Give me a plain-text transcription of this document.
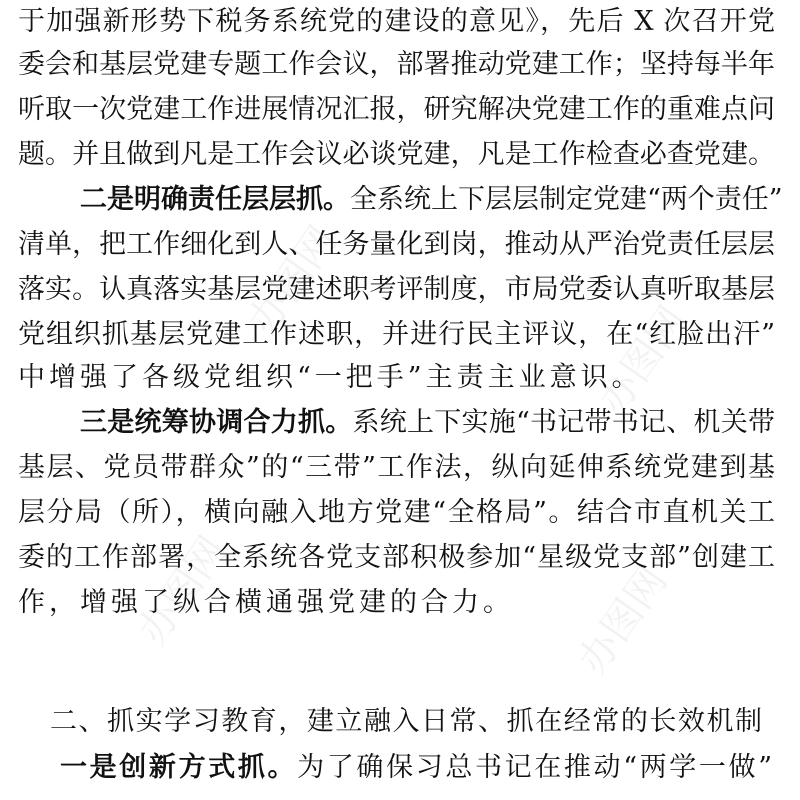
办图网
办图网
办图网	办图网
于加强新形势下税务系统党的建设的意见》，先后 X 次召开党
委会和基层党建专题工作会议，部署推动党建工作；坚持每半年
听取一次党建工作进展情况汇报，研究解决党建工作的重难点问
题。并且做到凡是工作会议必谈党建，凡是工作检查必查党建。
二是明确责任层层抓。全系统上下层层制定党建“两个责任”
清单，把工作细化到人、任务量化到岗，推动从严治党责任层层
落实。认真落实基层党建述职考评制度，市局党委认真听取基层
党组织抓基层党建工作述职，并进行民主评议，在“红脸出汗”
中增强了各级党组织“一把手”主责主业意识。
三是统筹协调合力抓。系统上下实施“书记带书记、机关带
基层、党员带群众”的“三带”工作法，纵向延伸系统党建到基
层分局（所），横向融入地方党建“全格局”。结合市直机关工
委的工作部署，全系统各党支部积极参加“星级党支部”创建工
作，增强了纵合横通强党建的合力。
二、抓实学习教育，建立融入日常、抓在经常的长效机制
一是创新方式抓。为了确保习总书记在推动“两学一做”
